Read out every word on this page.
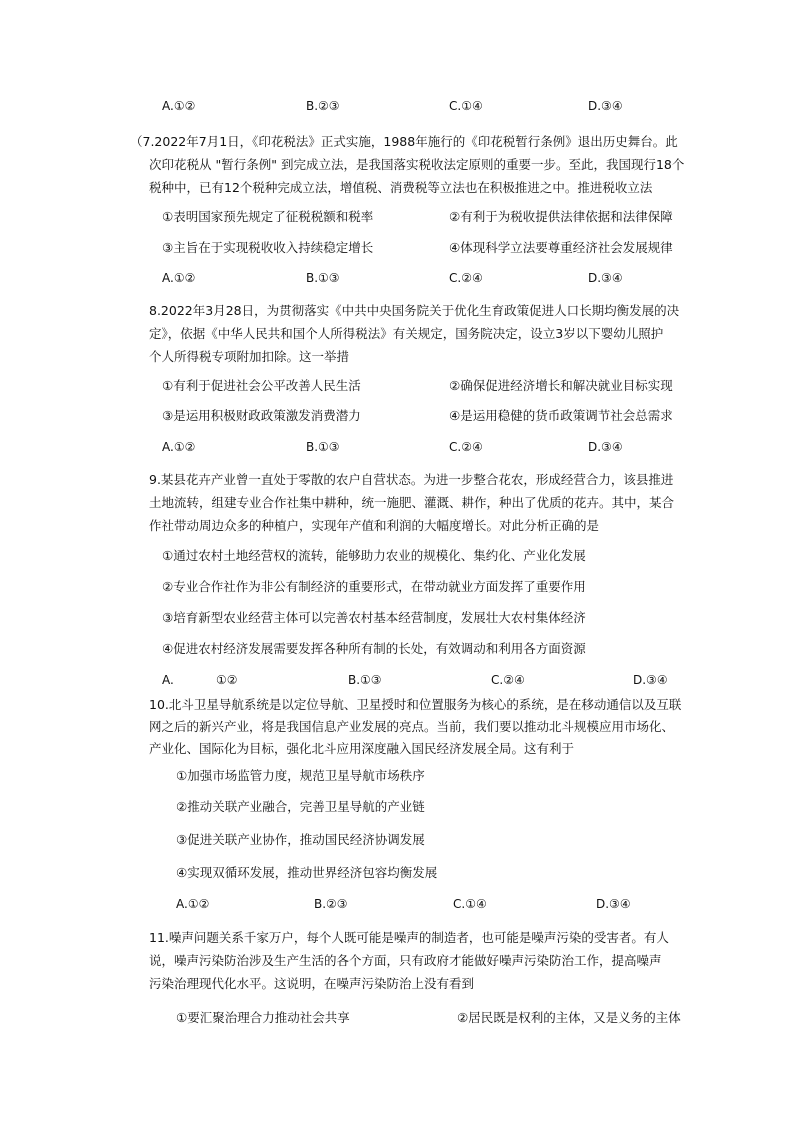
A.①②	B.②③	C.①④	D.③④
（7.2022年7月1日，《印花税法》正式实施，1988年施行的《印花税暂行条例》退出历史舞台。此
次印花税从 "暂行条例" 到完成立法，是我国落实税收法定原则的重要一步。至此，我国现行18个
税种中，已有12个税种完成立法，增值税、消费税等立法也在积极推进之中。推进税收立法
①表明国家预先规定了征税税额和税率	②有利于为税收提供法律依据和法律保障
③主旨在于实现税收收入持续稳定增长	④体现科学立法要尊重经济社会发展规律
A.①②	B.①③	C.②④	D.③④
8.2022年3月28日，为贯彻落实《中共中央国务院关于优化生育政策促进人口长期均衡发展的决
定》，依据《中华人民共和国个人所得税法》有关规定，国务院决定，设立3岁以下婴幼儿照护
个人所得税专项附加扣除。这一举措
①有利于促进社会公平改善人民生活	②确保促进经济增长和解决就业目标实现
③是运用积极财政政策激发消费潜力	④是运用稳健的货币政策调节社会总需求
A.①②	B.①③	C.②④	D.③④
9.某县花卉产业曾一直处于零散的农户自营状态。为进一步整合花农，形成经营合力，该县推进
土地流转，组建专业合作社集中耕种，统一施肥、灌溉、耕作，种出了优质的花卉。其中，某合
作社带动周边众多的种植户，实现年产值和利润的大幅度增长。对此分析正确的是
①通过农村土地经营权的流转，能够助力农业的规模化、集约化、产业化发展
②专业合作社作为非公有制经济的重要形式，在带动就业方面发挥了重要作用
③培育新型农业经营主体可以完善农村基本经营制度，发展壮大农村集体经济
④促进农村经济发展需要发挥各种所有制的长处，有效调动和利用各方面资源
A.	①②	B.①③	C.②④	D.③④
10.北斗卫星导航系统是以定位导航、卫星授时和位置服务为核心的系统，是在移动通信以及互联
网之后的新兴产业，将是我国信息产业发展的亮点。当前，我们要以推动北斗规模应用市场化、
产业化、国际化为目标，强化北斗应用深度融入国民经济发展全局。这有利于
①加强市场监管力度，规范卫星导航市场秩序
②推动关联产业融合，完善卫星导航的产业链
③促进关联产业协作，推动国民经济协调发展
④实现双循环发展，推动世界经济包容均衡发展
A.①②	B.②③	C.①④	D.③④
11.噪声问题关系千家万户，每个人既可能是噪声的制造者，也可能是噪声污染的受害者。有人
说，噪声污染防治涉及生产生活的各个方面，只有政府才能做好噪声污染防治工作，提高噪声
污染治理现代化水平。这说明，在噪声污染防治上没有看到
①要汇聚治理合力推动社会共享	②居民既是权利的主体，又是义务的主体
